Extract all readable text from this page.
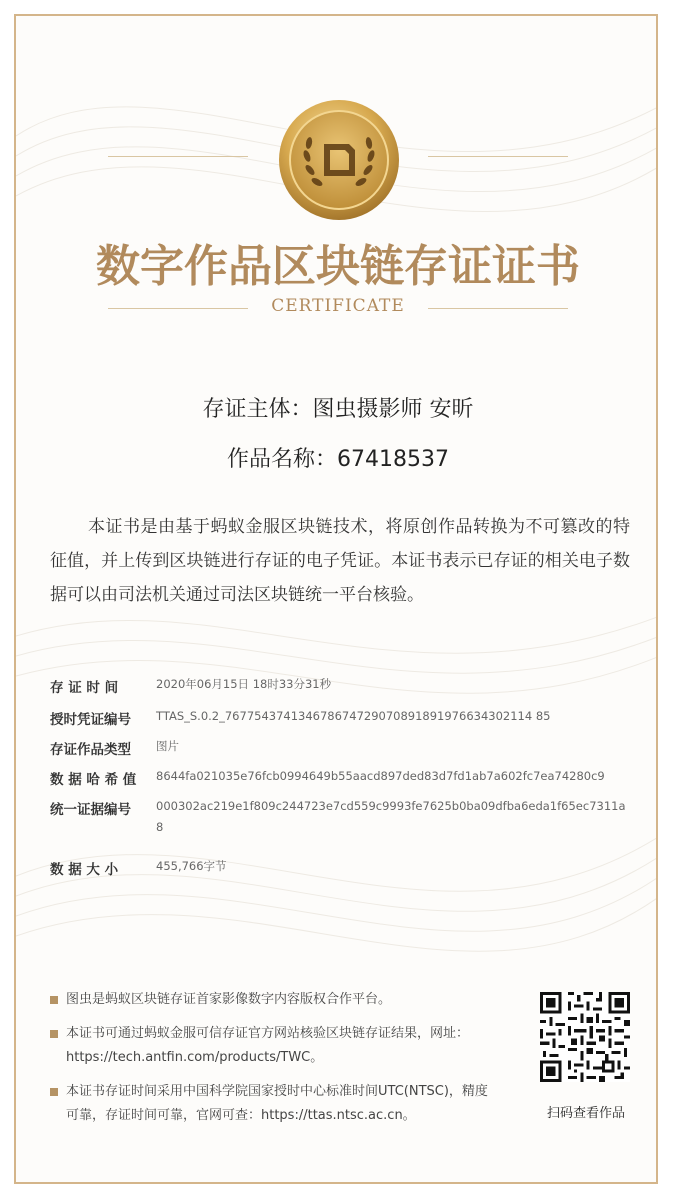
数字作品区块链存证证书
CERTIFICATE
存证主体：图虫摄影师 安昕
作品名称：67418537
本证书是由基于蚂蚁金服区块链技术，将原创作品转换为不可篡改的特征值，并上传到区块链进行存证的电子凭证。本证书表示已存证的相关电子数据可以由司法机关通过司法区块链统一平台核验。
存 证 时 间	2020年06月15日 18时33分31秒
授时凭证编号	TTAS_S.0.2_767754374134678674729070891891976634302114 85
存证作品类型	图片
数 据 哈 希 值	8644fa021035e76fcb0994649b55aacd897ded83d7fd1ab7a602fc7ea74280c9
统一证据编号	000302ac219e1f809c244723e7cd559c9993fe7625b0ba09dfba6eda1f65ec7311a8
数 据 大 小	455,766字节
图虫是蚂蚁区块链存证首家影像数字内容版权合作平台。
本证书可通过蚂蚁金服可信存证官方网站核验区块链存证结果，网址：https://tech.antfin.com/products/TWC。
本证书存证时间采用中国科学院国家授时中心标准时间UTC(NTSC)，精度可靠，存证时间可靠，官网可查：https://ttas.ntsc.ac.cn。	扫码查看作品
